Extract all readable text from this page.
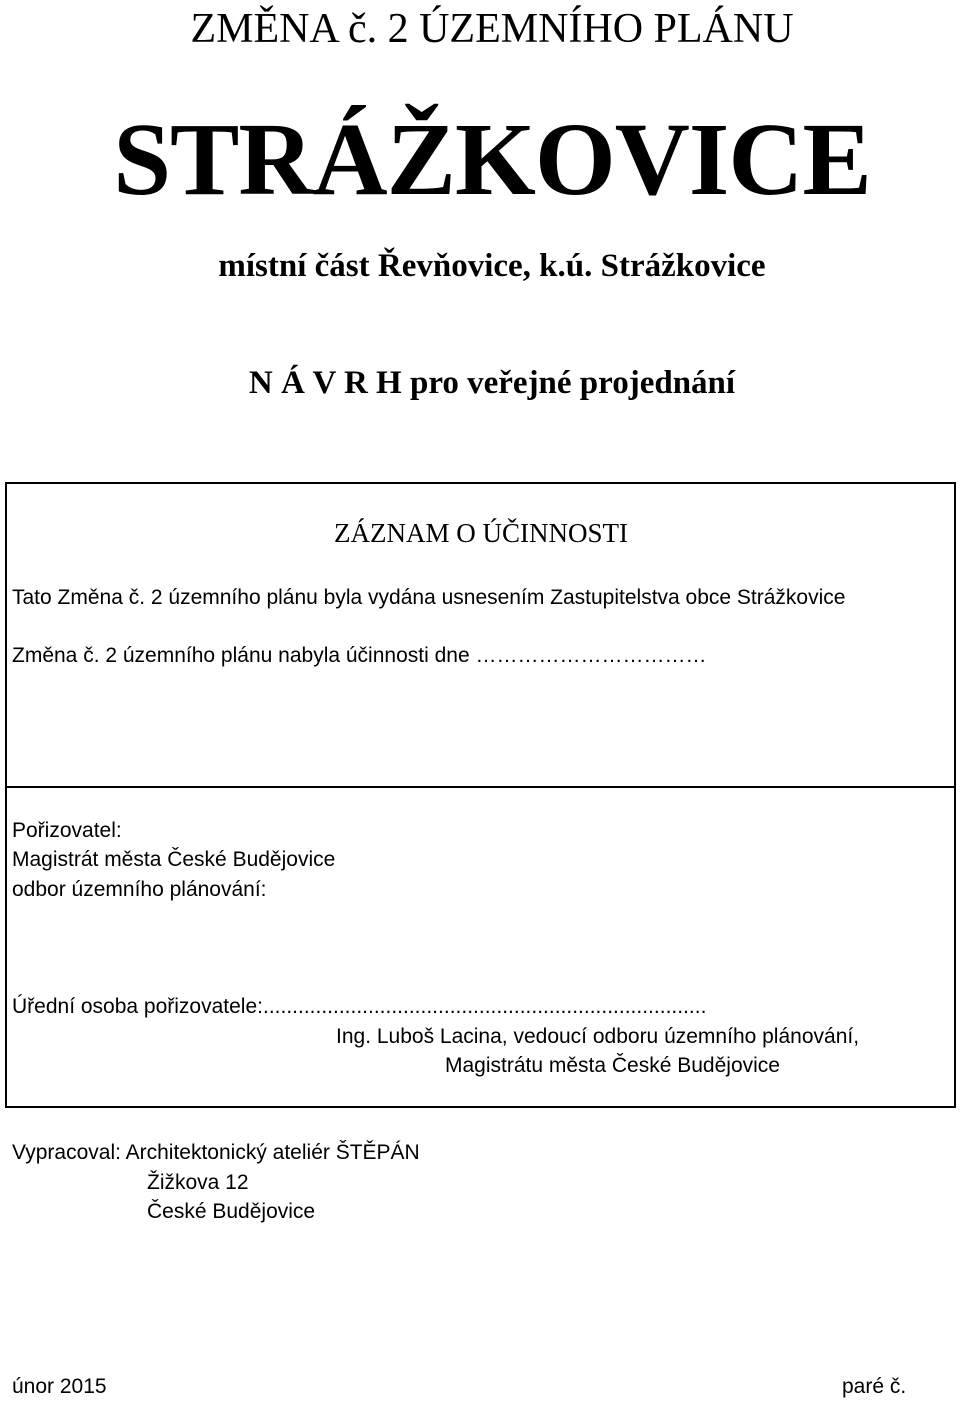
ZMĚNA č. 2 ÚZEMNÍHO PLÁNU
STRÁŽKOVICE
místní část Řevňovice, k.ú. Strážkovice
N Á V R H pro veřejné projednání
ZÁZNAM O ÚČINNOSTI
Tato Změna č. 2 územního plánu byla vydána usnesením Zastupitelstva obce Strážkovice
Změna č. 2 územního plánu nabyla účinnosti dne ……………………………
Pořizovatel:
Magistrát města České Budějovice
odbor územního plánování:
Úřední osoba pořizovatele:............................................................................
Ing. Luboš Lacina, vedoucí odboru územního plánování,
Magistrátu města České Budějovice
Vypracoval: Architektonický ateliér ŠTĚPÁN
Žižkova 12
České Budějovice
únor 2015	paré č.
